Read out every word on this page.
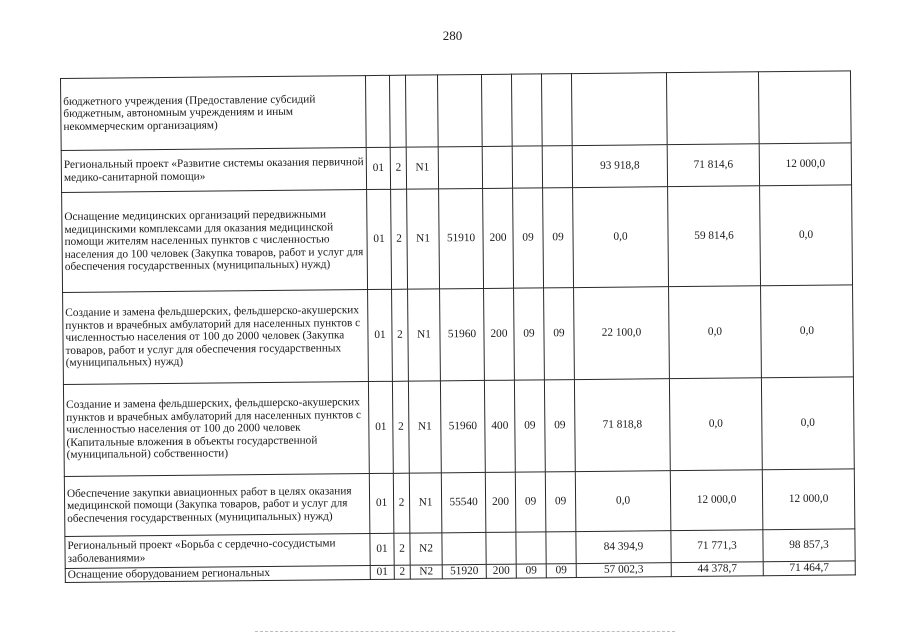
280
бюджетного учреждения (Предоставление субсидий бюджетным, автономным учреждениям и иным некоммерческим организациям)										
Региональный проект «Развитие системы оказания первичной медико-санитарной помощи»	01	2	N1					93 918,8	71 814,6	12 000,0
Оснащение медицинских организаций передвижными медицинскими комплексами для оказания медицинской помощи жителям населенных пунктов с численностью населения до 100 человек (Закупка товаров, работ и услуг для обеспечения государственных (муниципальных) нужд)	01	2	N1	51910	200	09	09	0,0	59 814,6	0,0
Создание и замена фельдшерских, фельдшерско-акушерских пунктов и врачебных амбулаторий для населенных пунктов с численностью населения от 100 до 2000 человек (Закупка товаров, работ и услуг для обеспечения государственных (муниципальных) нужд)	01	2	N1	51960	200	09	09	22 100,0	0,0	0,0
Создание и замена фельдшерских, фельдшерско-акушерских пунктов и врачебных амбулаторий для населенных пунктов с численностью населения от 100 до 2000 человек (Капитальные вложения в объекты государственной (муниципальной) собственности)	01	2	N1	51960	400	09	09	71 818,8	0,0	0,0
Обеспечение закупки авиационных работ в целях оказания медицинской помощи (Закупка товаров, работ и услуг для обеспечения государственных (муниципальных) нужд)	01	2	N1	55540	200	09	09	0,0	12 000,0	12 000,0
Региональный проект «Борьба с сердечно-сосудистыми заболеваниями»	01	2	N2					84 394,9	71 771,3	98 857,3
Оснащение оборудованием региональных	01	2	N2	51920	200	09	09	57 002,3	44 378,7	71 464,7
